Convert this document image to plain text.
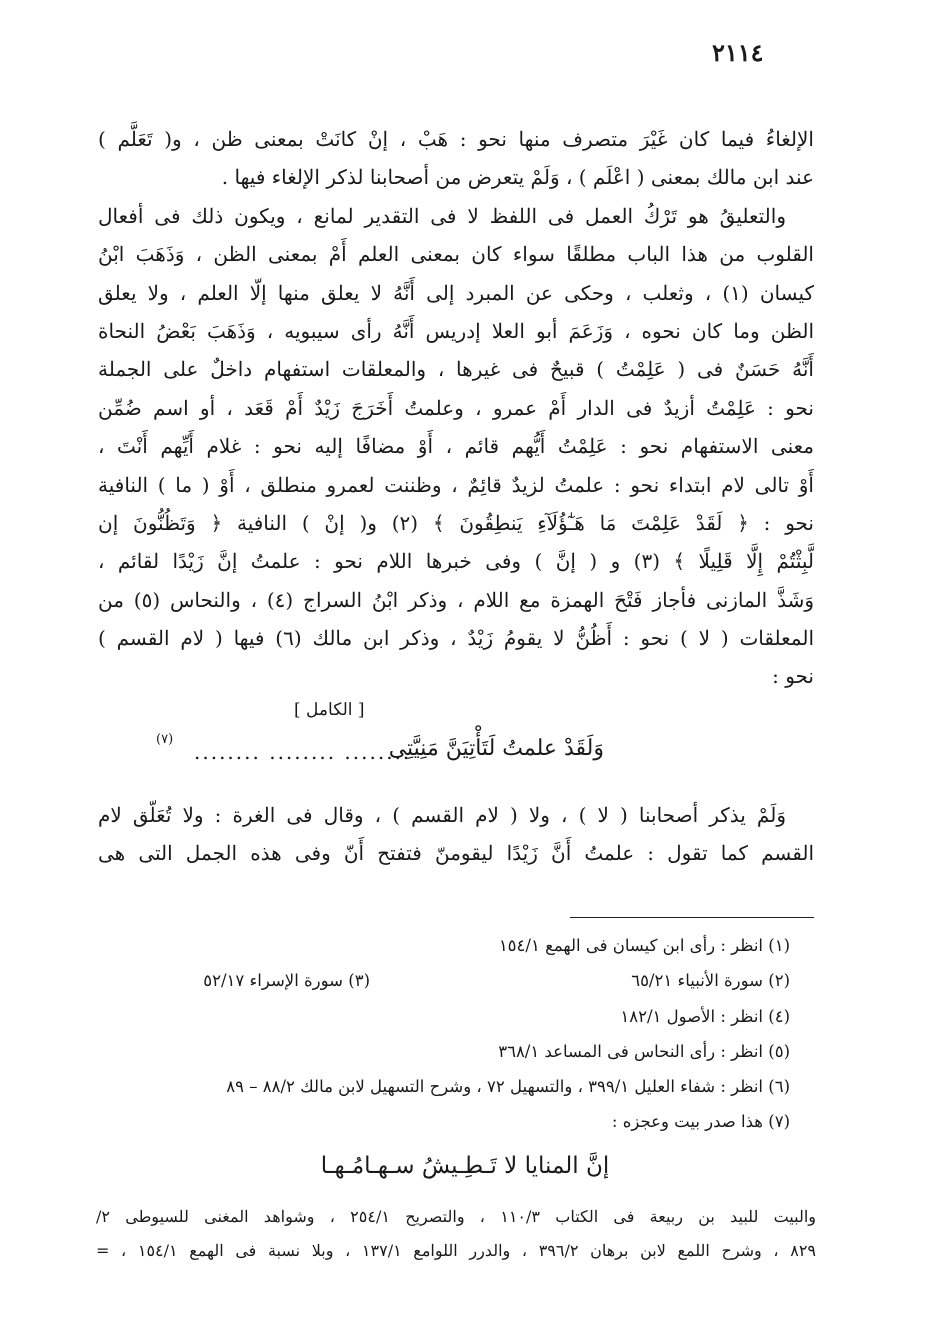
٢١١٤
الإلغاءُ فيما كان غَيْرَ متصرف منها نحو : هَبْ ، إنْ كانَتْ بمعنى ظن ، و( تَعَلَّم )
عند ابن مالك بمعنى ( اعْلَم ) ، وَلَمْ يتعرض من أصحابنا لذكر الإلغاء فيها .
والتعليقُ هو تَرْكُ العمل فى اللفظ لا فى التقدير لمانع ، ويكون ذلك فى أفعال
القلوب من هذا الباب مطلقًا سواء كان بمعنى العلم أَمْ بمعنى الظن ، وَذَهَبَ ابْنُ
كيسان (١) ، وثعلب ، وحكى عن المبرد إلى أَنَّهُ لا يعلق منها إلّا العلم ، ولا يعلق
الظن وما كان نحوه ، وَزَعَمَ أبو العلا إدريس أَنَّهُ رأى سيبويه ، وَذَهَبَ بَعْضُ النحاة
أَنَّهُ حَسَنٌ فى ( عَلِمْتُ ) قبيحٌ فى غيرها ، والمعلقات استفهام داخلٌ على الجملة
نحو : عَلِمْتُ أزيدٌ فى الدار أَمْ عمرو ، وعلمتُ أَخَرَجَ زَيْدٌ أَمْ قَعَد ، أو اسم ضُمِّن
معنى الاستفهام نحو : عَلِمْتُ أَيُّهم قائم ، أَوْ مضافًا إليه نحو : غلام أَيِّهم أَنْتَ ،
أَوْ تالى لام ابتداء نحو : علمتُ لزيدٌ قائِمٌ ، وظننت لعمرو منطلق ، أَوْ ( ما ) النافية
نحو : ﴿ لَقَدْ عَلِمْتَ مَا هَـٰٓؤُلَآءِ يَنطِقُونَ ﴾ (٢) و( إنْ ) النافية ﴿ وَتَظُنُّونَ إن
لَّبِثْتُمْ إِلَّا قَلِيلًا ﴾ (٣) و ( إنَّ ) وفى خبرها اللام نحو : علمتُ إنَّ زَيْدًا لقائم ،
وَشَذَّ المازنى فأجاز فَتْحَ الهمزة مع اللام ، وذكر ابْنُ السراج (٤) ، والنحاس (٥) من
المعلقات ( لا ) نحو : أَظُنُّ لا يقومُ زَيْدٌ ، وذكر ابن مالك (٦) فيها ( لام القسم )
نحو :
[ الكامل ]
وَلَقَدْ علمتُ لَتَأْتِيَنَّ مَنِيَّتِى
........ ........ ........
(٧)
وَلَمْ يذكر أصحابنا ( لا ) ، ولا ( لام القسم ) ، وقال فى الغرة : ولا تُعَلّق لام
القسم كما تقول : علمتُ أَنَّ زَيْدًا ليقومنّ فتفتح أَنّ وفى هذه الجمل التى هى
(١) انظر : رأى ابن كيسان فى الهمع ١٥٤/١
(٢) سورة الأنبياء ٦٥/٢١
(٣) سورة الإسراء ٥٢/١٧
(٤) انظر : الأصول ١٨٢/١
(٥) انظر : رأى النحاس فى المساعد ٣٦٨/١
(٦) انظر : شفاء العليل ٣٩٩/١ ، والتسهيل ٧٢ ، وشرح التسهيل لابن مالك ٨٨/٢ – ٨٩
(٧) هذا صدر بيت وعجزه :
إنَّ المنايا لا تَـطِـيشُ سـهـامُـهـا
والبيت للبيد بن ربيعة فى الكتاب ١١٠/٣ ، والتصريح ٢٥٤/١ ، وشواهد المغنى للسيوطى ٢/
٨٢٩ ، وشرح اللمع لابن برهان ٣٩٦/٢ ، والدرر اللوامع ١٣٧/١ ، وبلا نسبة فى الهمع ١٥٤/١ ، =
